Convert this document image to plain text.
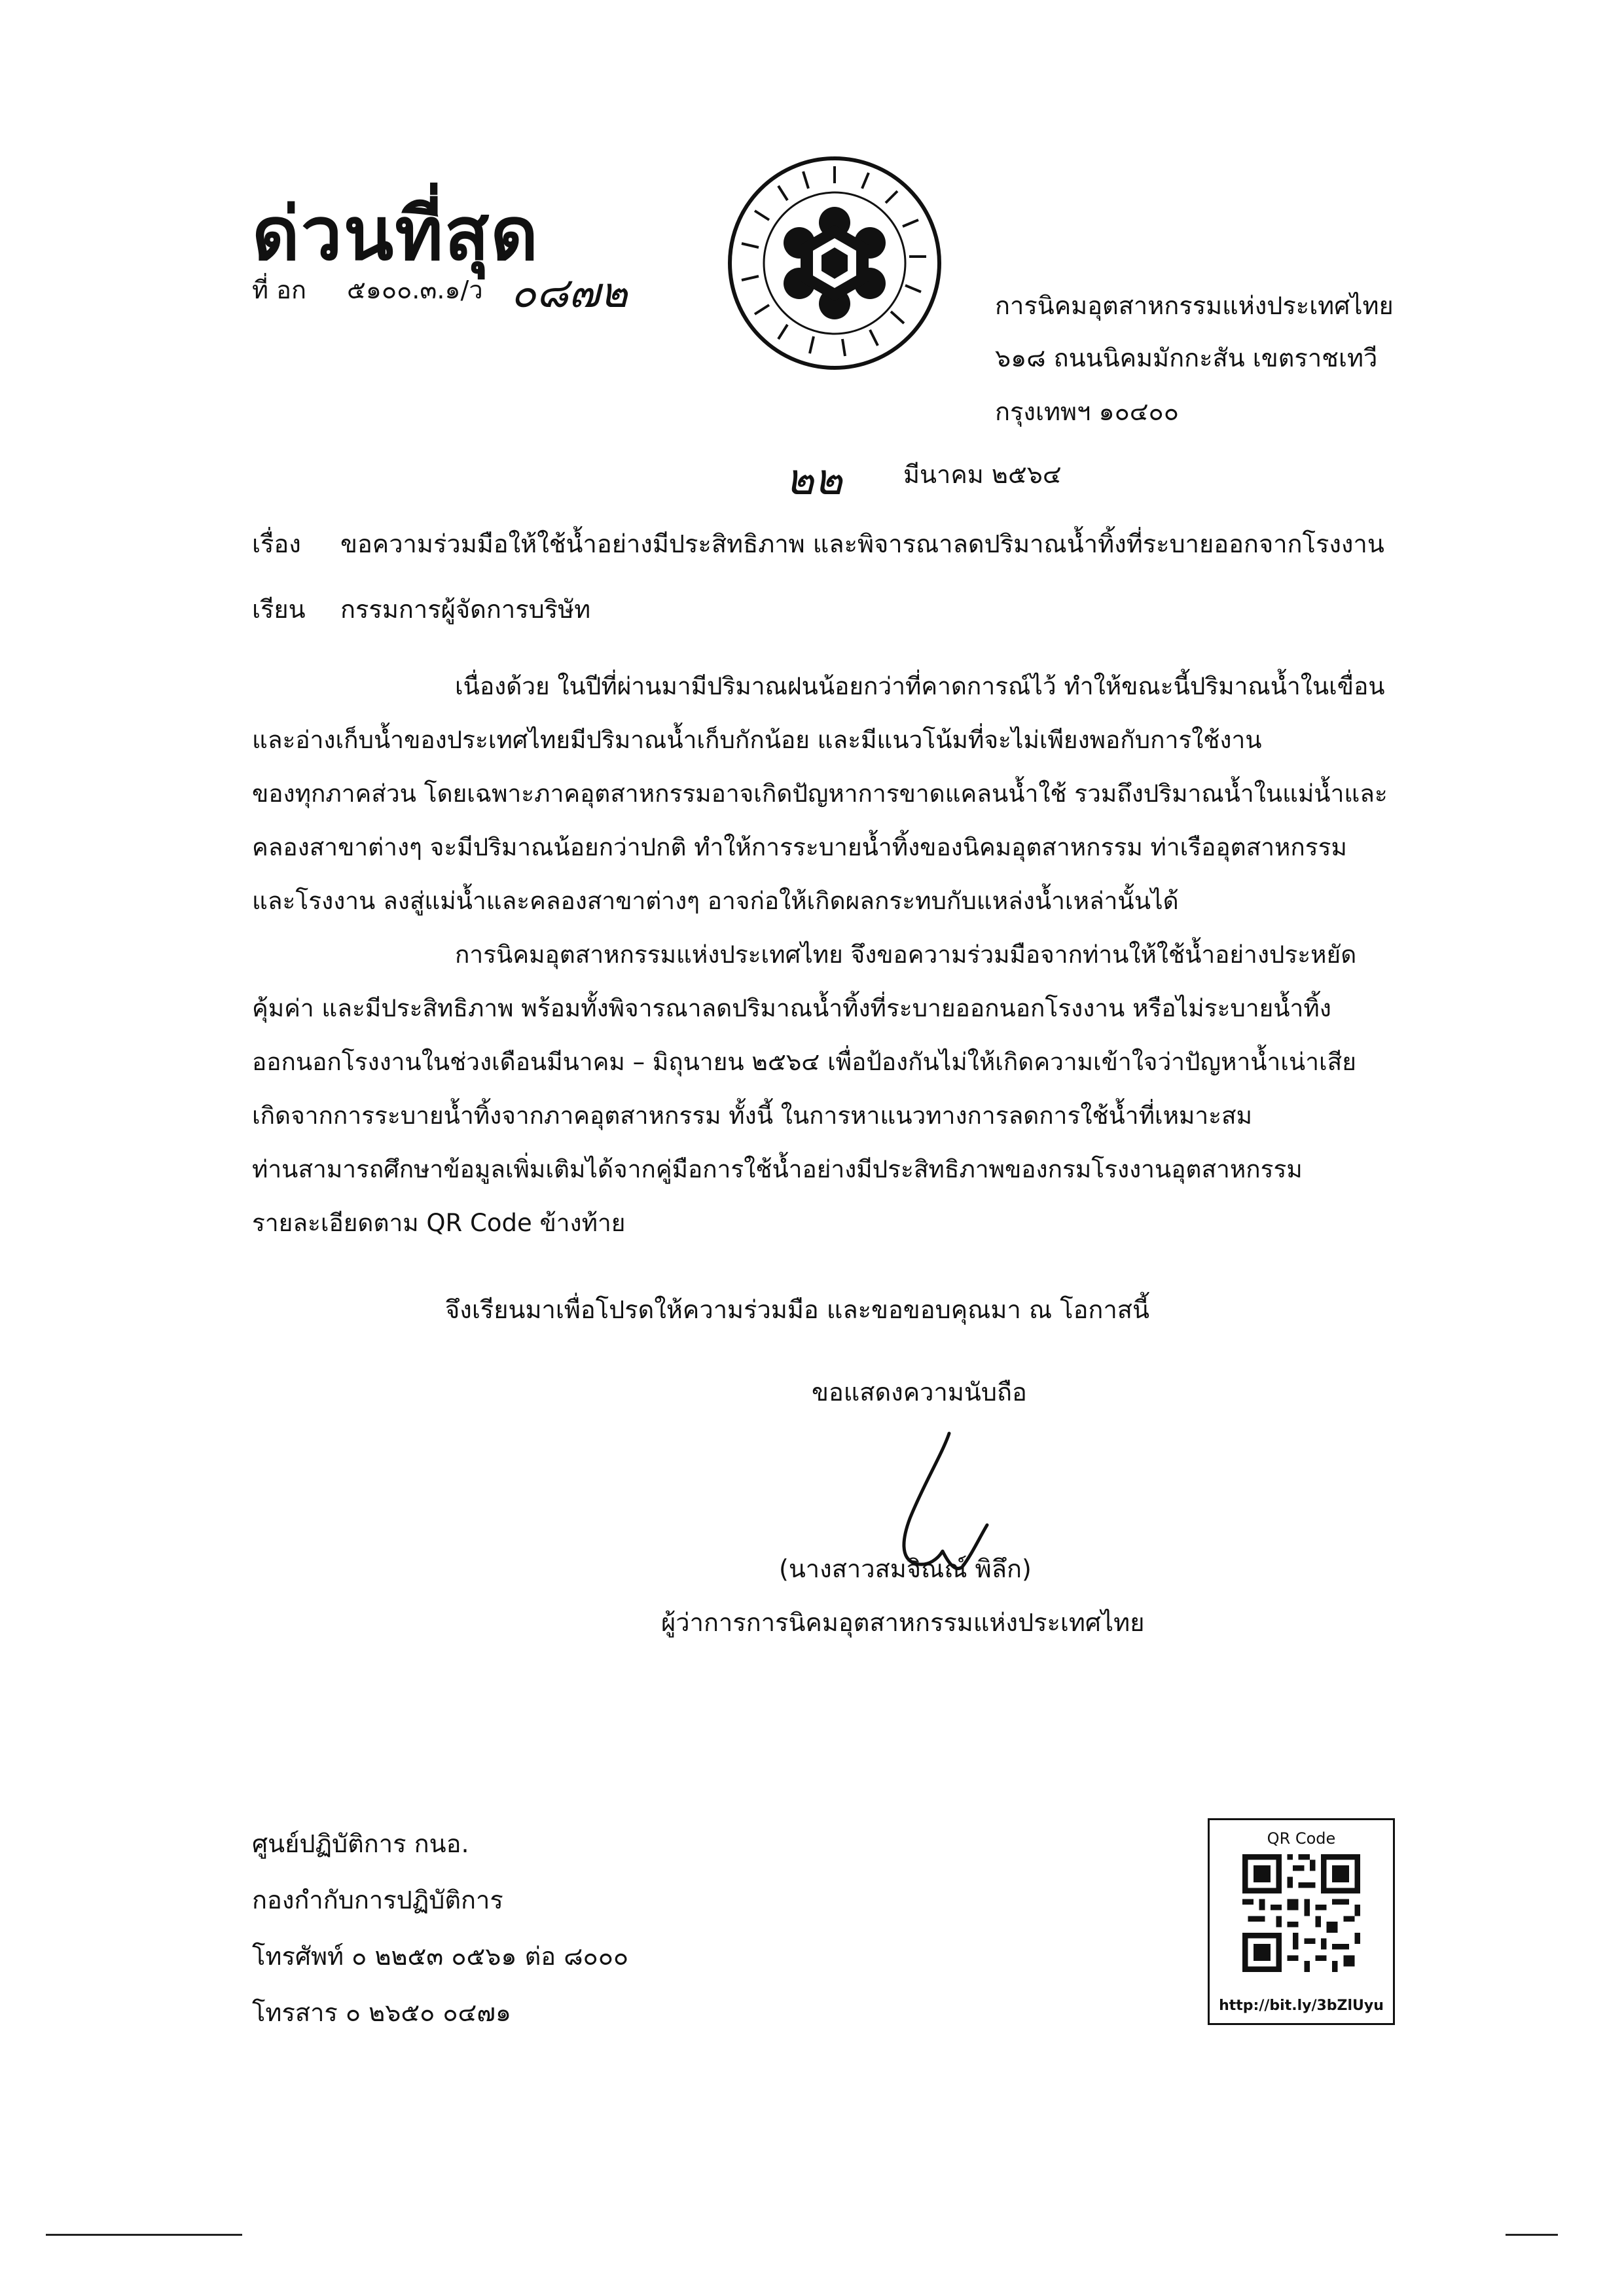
ด่วนที่สุด
ที่ อก ๕๑๐๐.๓.๑/ว ๐๘๗๒	การนิคมอุตสาหกรรมแห่งประเทศไทย
๖๑๘ ถนนนิคมมักกะสัน เขตราชเทวี
กรุงเทพฯ ๑๐๔๐๐
๒๒ มีนาคม ๒๕๖๔
เรื่อง ขอความร่วมมือให้ใช้น้ำอย่างมีประสิทธิภาพ และพิจารณาลดปริมาณน้ำทิ้งที่ระบายออกจากโรงงาน
เรียน กรรมการผู้จัดการบริษัท
เนื่องด้วย ในปีที่ผ่านมามีปริมาณฝนน้อยกว่าที่คาดการณ์ไว้ ทำให้ขณะนี้ปริมาณน้ำในเขื่อน
และอ่างเก็บน้ำของประเทศไทยมีปริมาณน้ำเก็บกักน้อย และมีแนวโน้มที่จะไม่เพียงพอกับการใช้งาน
ของทุกภาคส่วน โดยเฉพาะภาคอุตสาหกรรมอาจเกิดปัญหาการขาดแคลนน้ำใช้ รวมถึงปริมาณน้ำในแม่น้ำและ
คลองสาขาต่างๆ จะมีปริมาณน้อยกว่าปกติ ทำให้การระบายน้ำทิ้งของนิคมอุตสาหกรรม ท่าเรืออุตสาหกรรม
และโรงงาน ลงสู่แม่น้ำและคลองสาขาต่างๆ อาจก่อให้เกิดผลกระทบกับแหล่งน้ำเหล่านั้นได้
การนิคมอุตสาหกรรมแห่งประเทศไทย จึงขอความร่วมมือจากท่านให้ใช้น้ำอย่างประหยัด
คุ้มค่า และมีประสิทธิภาพ พร้อมทั้งพิจารณาลดปริมาณน้ำทิ้งที่ระบายออกนอกโรงงาน หรือไม่ระบายน้ำทิ้ง
ออกนอกโรงงานในช่วงเดือนมีนาคม – มิถุนายน ๒๕๖๔ เพื่อป้องกันไม่ให้เกิดความเข้าใจว่าปัญหาน้ำเน่าเสีย
เกิดจากการระบายน้ำทิ้งจากภาคอุตสาหกรรม ทั้งนี้ ในการหาแนวทางการลดการใช้น้ำที่เหมาะสม
ท่านสามารถศึกษาข้อมูลเพิ่มเติมได้จากคู่มือการใช้น้ำอย่างมีประสิทธิภาพของกรมโรงงานอุตสาหกรรม
รายละเอียดตาม QR Code ข้างท้าย
จึงเรียนมาเพื่อโปรดให้ความร่วมมือ และขอขอบคุณมา ณ โอกาสนี้
ขอแสดงความนับถือ
(นางสาวสมจิณณ์ พิลึก)
ผู้ว่าการการนิคมอุตสาหกรรมแห่งประเทศไทย
ศูนย์ปฏิบัติการ กนอ.
กองกำกับการปฏิบัติการ
โทรศัพท์ ๐ ๒๒๕๓ ๐๕๖๑ ต่อ ๘๐๐๐
โทรสาร ๐ ๒๖๕๐ ๐๔๗๑
QR Code
http://bit.ly/3bZlUyu
